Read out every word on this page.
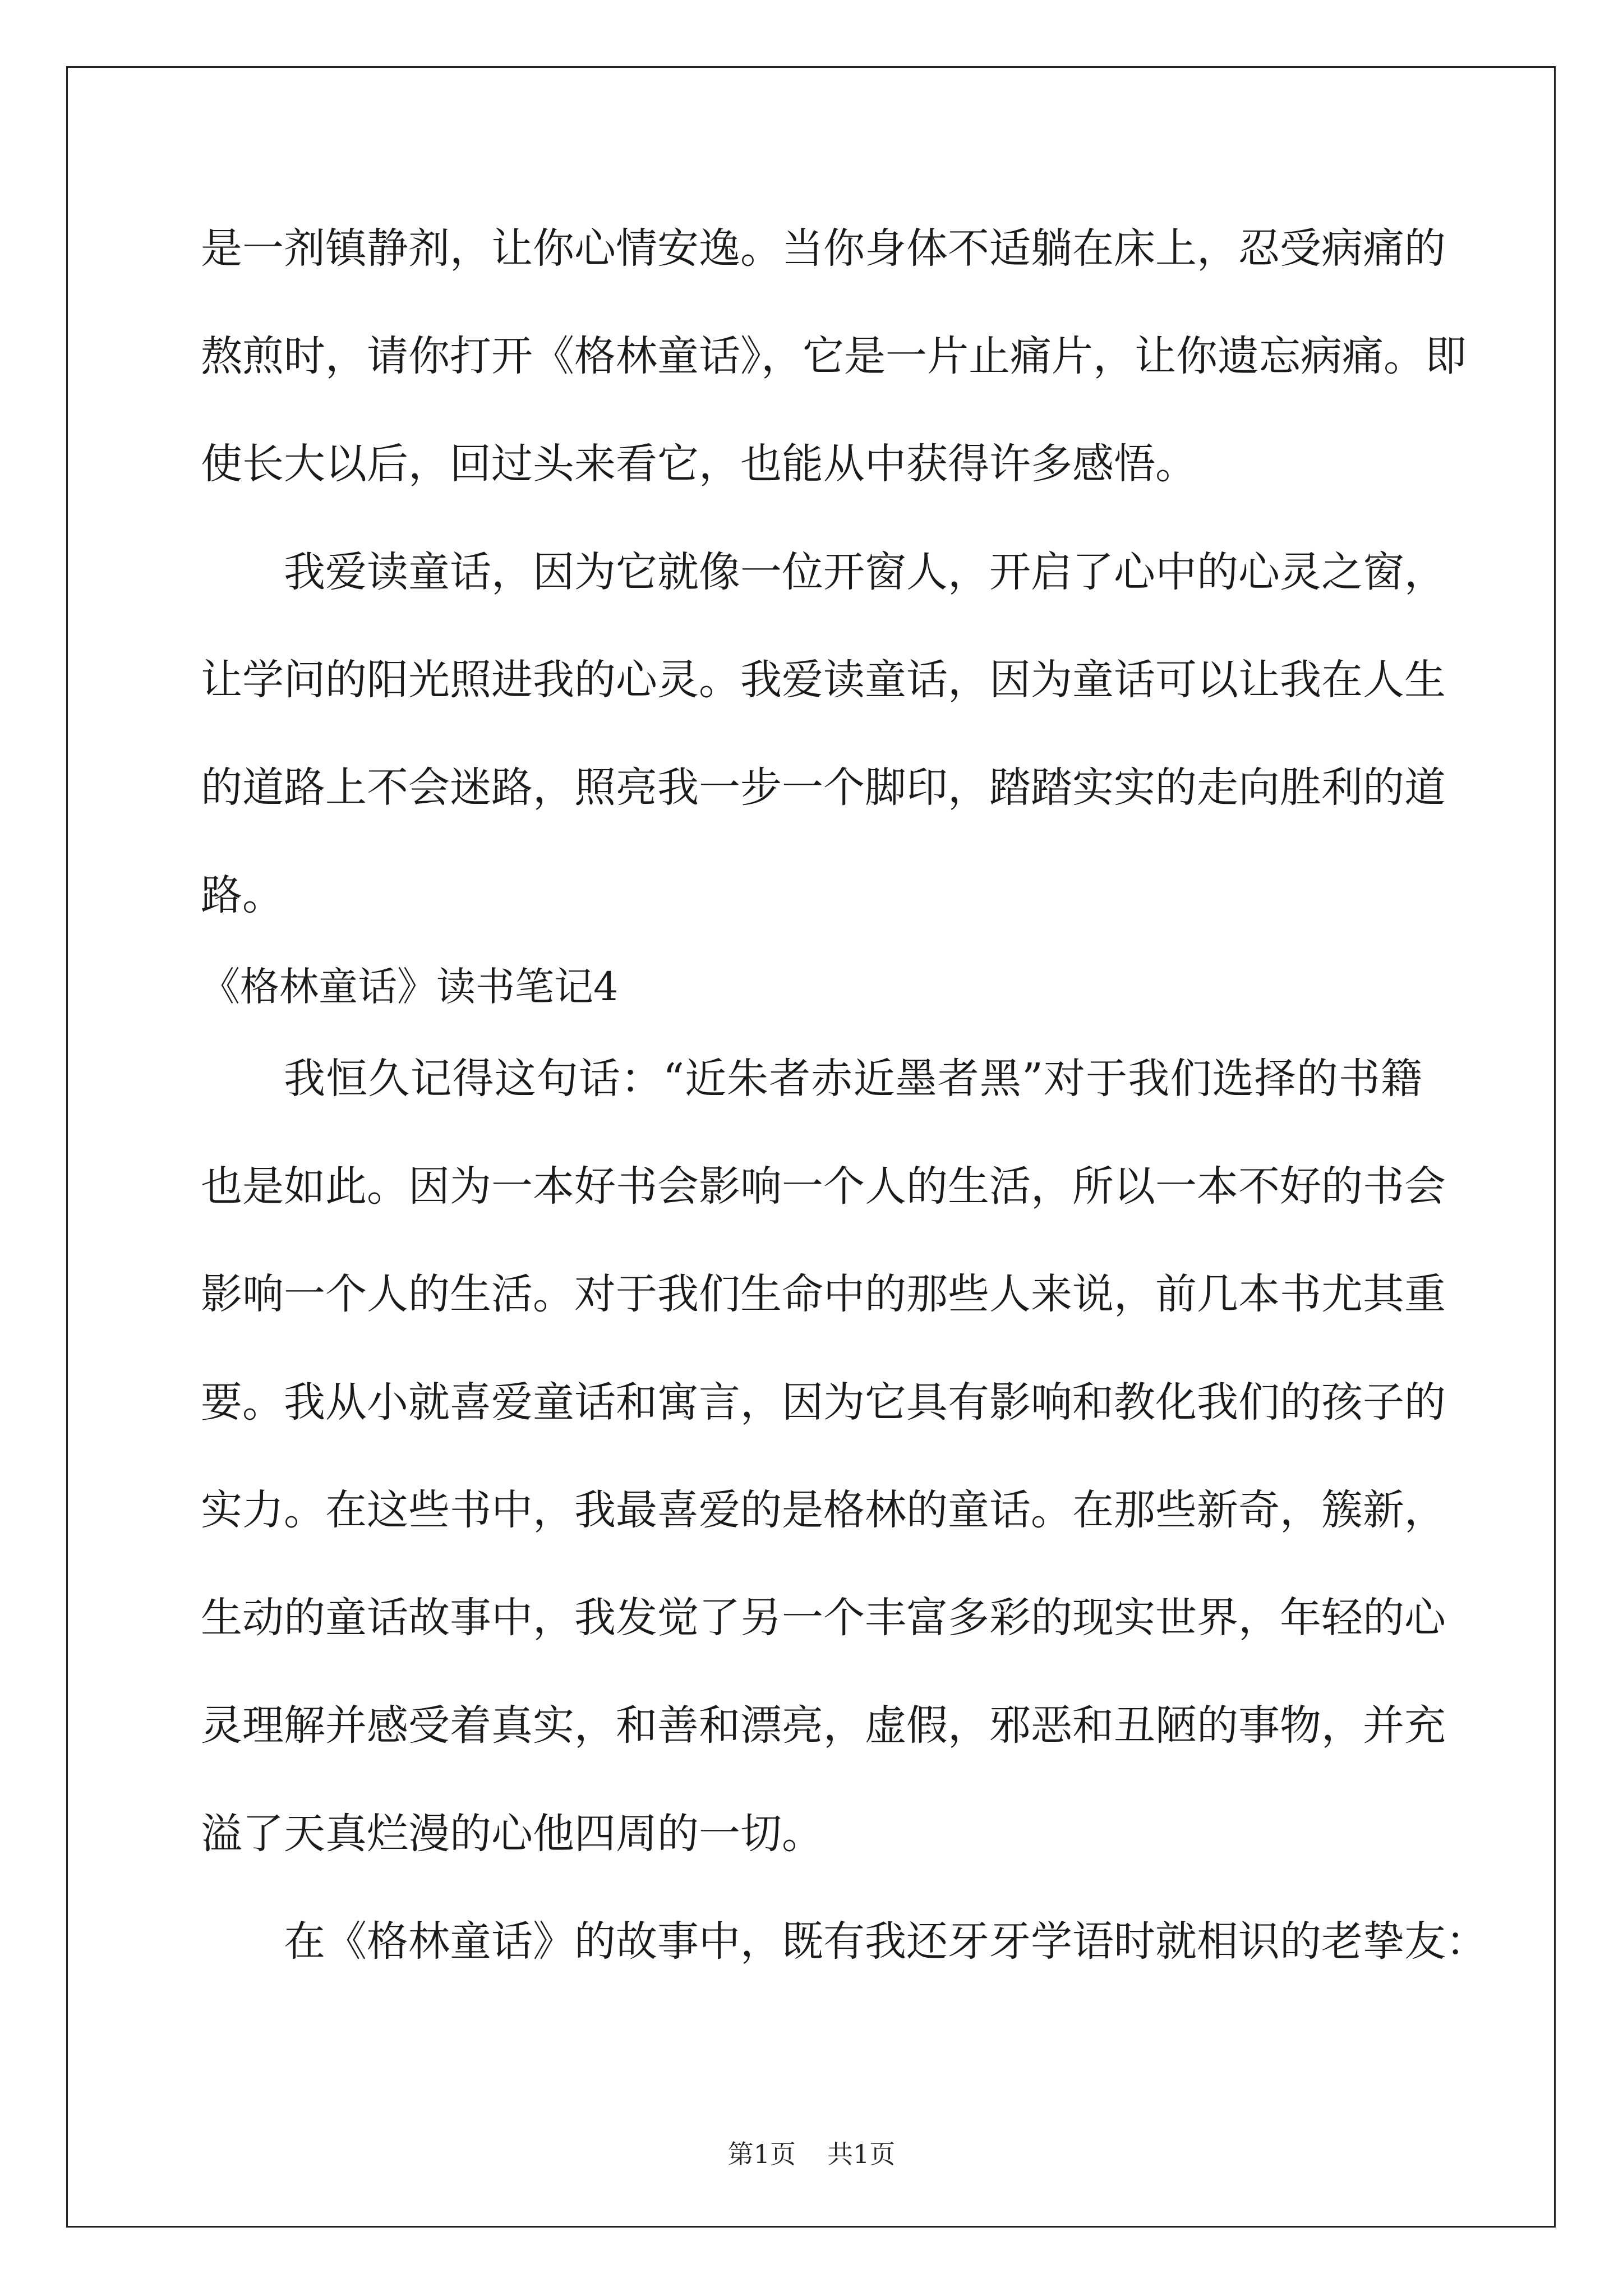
是一剂镇静剂，让你心情安逸。当你身体不适躺在床上，忍受病痛的
熬煎时，请你打开《格林童话》，它是一片止痛片，让你遗忘病痛。即
使长大以后，回过头来看它，也能从中获得许多感悟。
我爱读童话，因为它就像一位开窗人，开启了心中的心灵之窗，
让学问的阳光照进我的心灵。我爱读童话，因为童话可以让我在人生
的道路上不会迷路，照亮我一步一个脚印，踏踏实实的走向胜利的道
路。
《格林童话》读书笔记4
我恒久记得这句话：“近朱者赤近墨者黑”对于我们选择的书籍
也是如此。因为一本好书会影响一个人的生活，所以一本不好的书会
影响一个人的生活。对于我们生命中的那些人来说，前几本书尤其重
要。我从小就喜爱童话和寓言，因为它具有影响和教化我们的孩子的
实力。在这些书中，我最喜爱的是格林的童话。在那些新奇，簇新，
生动的童话故事中，我发觉了另一个丰富多彩的现实世界，年轻的心
灵理解并感受着真实，和善和漂亮，虚假，邪恶和丑陋的事物，并充
溢了天真烂漫的心他四周的一切。
在《格林童话》的故事中，既有我还牙牙学语时就相识的老挚友：
第1页 共1页
